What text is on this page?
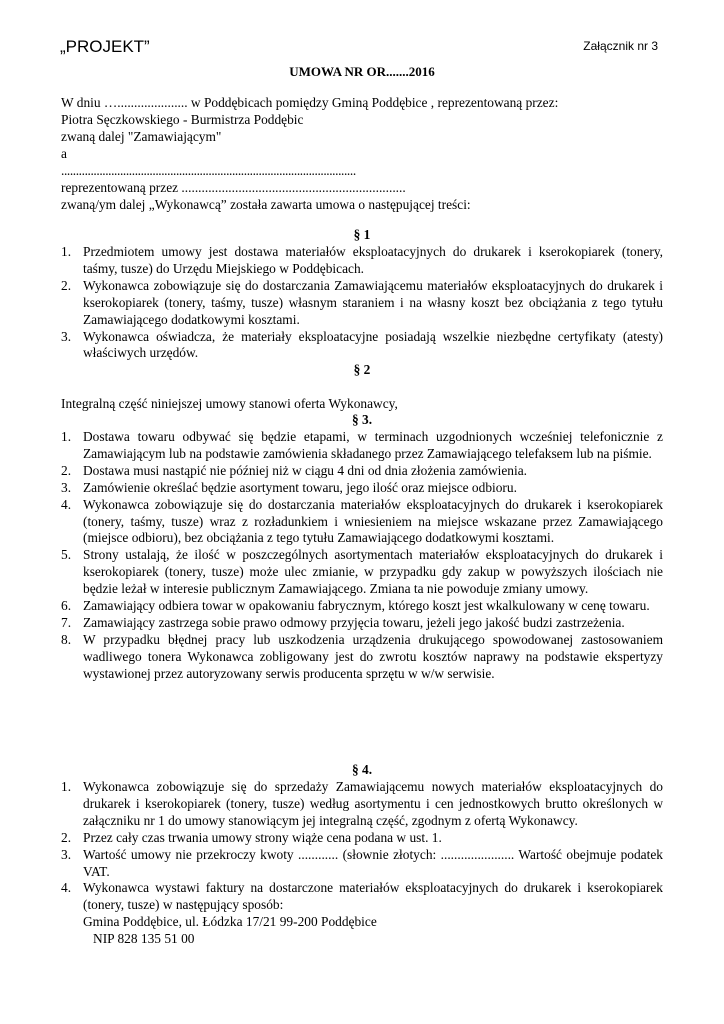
„PROJEKT”	Załącznik nr 3
UMOWA NR OR.......2016
W dniu …..................... w Poddębicach pomiędzy Gminą Poddębice , reprezentowaną przez:
Piotra Sęczkowskiego - Burmistrza Poddębic
zwaną dalej "Zamawiającym"
a
....................................................................................................
reprezentowaną przez ...................................................................
zwaną/ym dalej „Wykonawcą” została zawarta umowa o następującej treści:
§ 1
1. Przedmiotem umowy jest dostawa materiałów eksploatacyjnych do drukarek i kserokopiarek (tonery, taśmy, tusze) do Urzędu Miejskiego w Poddębicach.
2. Wykonawca zobowiązuje się do dostarczania Zamawiającemu materiałów eksploatacyjnych do drukarek i kserokopiarek (tonery, taśmy, tusze) własnym staraniem i na własny koszt bez obciążania z tego tytułu Zamawiającego dodatkowymi kosztami.
3. Wykonawca oświadcza, że materiały eksploatacyjne posiadają wszelkie niezbędne certyfikaty (atesty) właściwych urzędów.
§ 2
Integralną część niniejszej umowy stanowi oferta Wykonawcy,
§ 3.
1. Dostawa towaru odbywać się będzie etapami, w terminach uzgodnionych wcześniej telefonicznie z Zamawiającym lub na podstawie zamówienia składanego przez Zamawiającego telefaksem lub na piśmie.
2. Dostawa musi nastąpić nie później niż w ciągu 4 dni od dnia złożenia zamówienia.
3. Zamówienie określać będzie asortyment towaru, jego ilość oraz miejsce odbioru.
4. Wykonawca zobowiązuje się do dostarczania materiałów eksploatacyjnych do drukarek i kserokopiarek (tonery, taśmy, tusze) wraz z rozładunkiem i wniesieniem na miejsce wskazane przez Zamawiającego (miejsce odbioru), bez obciążania z tego tytułu Zamawiającego dodatkowymi kosztami.
5. Strony ustalają, że ilość w poszczególnych asortymentach materiałów eksploatacyjnych do drukarek i kserokopiarek (tonery, tusze) może ulec zmianie, w przypadku gdy zakup w powyższych ilościach nie będzie leżał w interesie publicznym Zamawiającego. Zmiana ta nie powoduje zmiany umowy.
6. Zamawiający odbiera towar w opakowaniu fabrycznym, którego koszt jest wkalkulowany w cenę towaru.
7. Zamawiający zastrzega sobie prawo odmowy przyjęcia towaru, jeżeli jego jakość budzi zastrzeżenia.
8. W przypadku błędnej pracy lub uszkodzenia urządzenia drukującego spowodowanej zastosowaniem wadliwego tonera Wykonawca zobligowany jest do zwrotu kosztów naprawy na podstawie ekspertyzy wystawionej przez autoryzowany serwis producenta sprzętu w w/w serwisie.
§ 4.
1. Wykonawca zobowiązuje się do sprzedaży Zamawiającemu nowych materiałów eksploatacyjnych do drukarek i kserokopiarek (tonery, tusze) według asortymentu i cen jednostkowych brutto określonych w załączniku nr 1 do umowy stanowiącym jej integralną część, zgodnym z ofertą Wykonawcy.
2. Przez cały czas trwania umowy strony wiąże cena podana w ust. 1.
3. Wartość umowy nie przekroczy kwoty ............ (słownie złotych: ...................... Wartość obejmuje podatek VAT.
4. Wykonawca wystawi faktury na dostarczone materiałów eksploatacyjnych do drukarek i kserokopiarek (tonery, tusze) w następujący sposób:
Gmina Poddębice, ul. Łódzka 17/21 99-200 Poddębice
NIP 828 135 51 00
